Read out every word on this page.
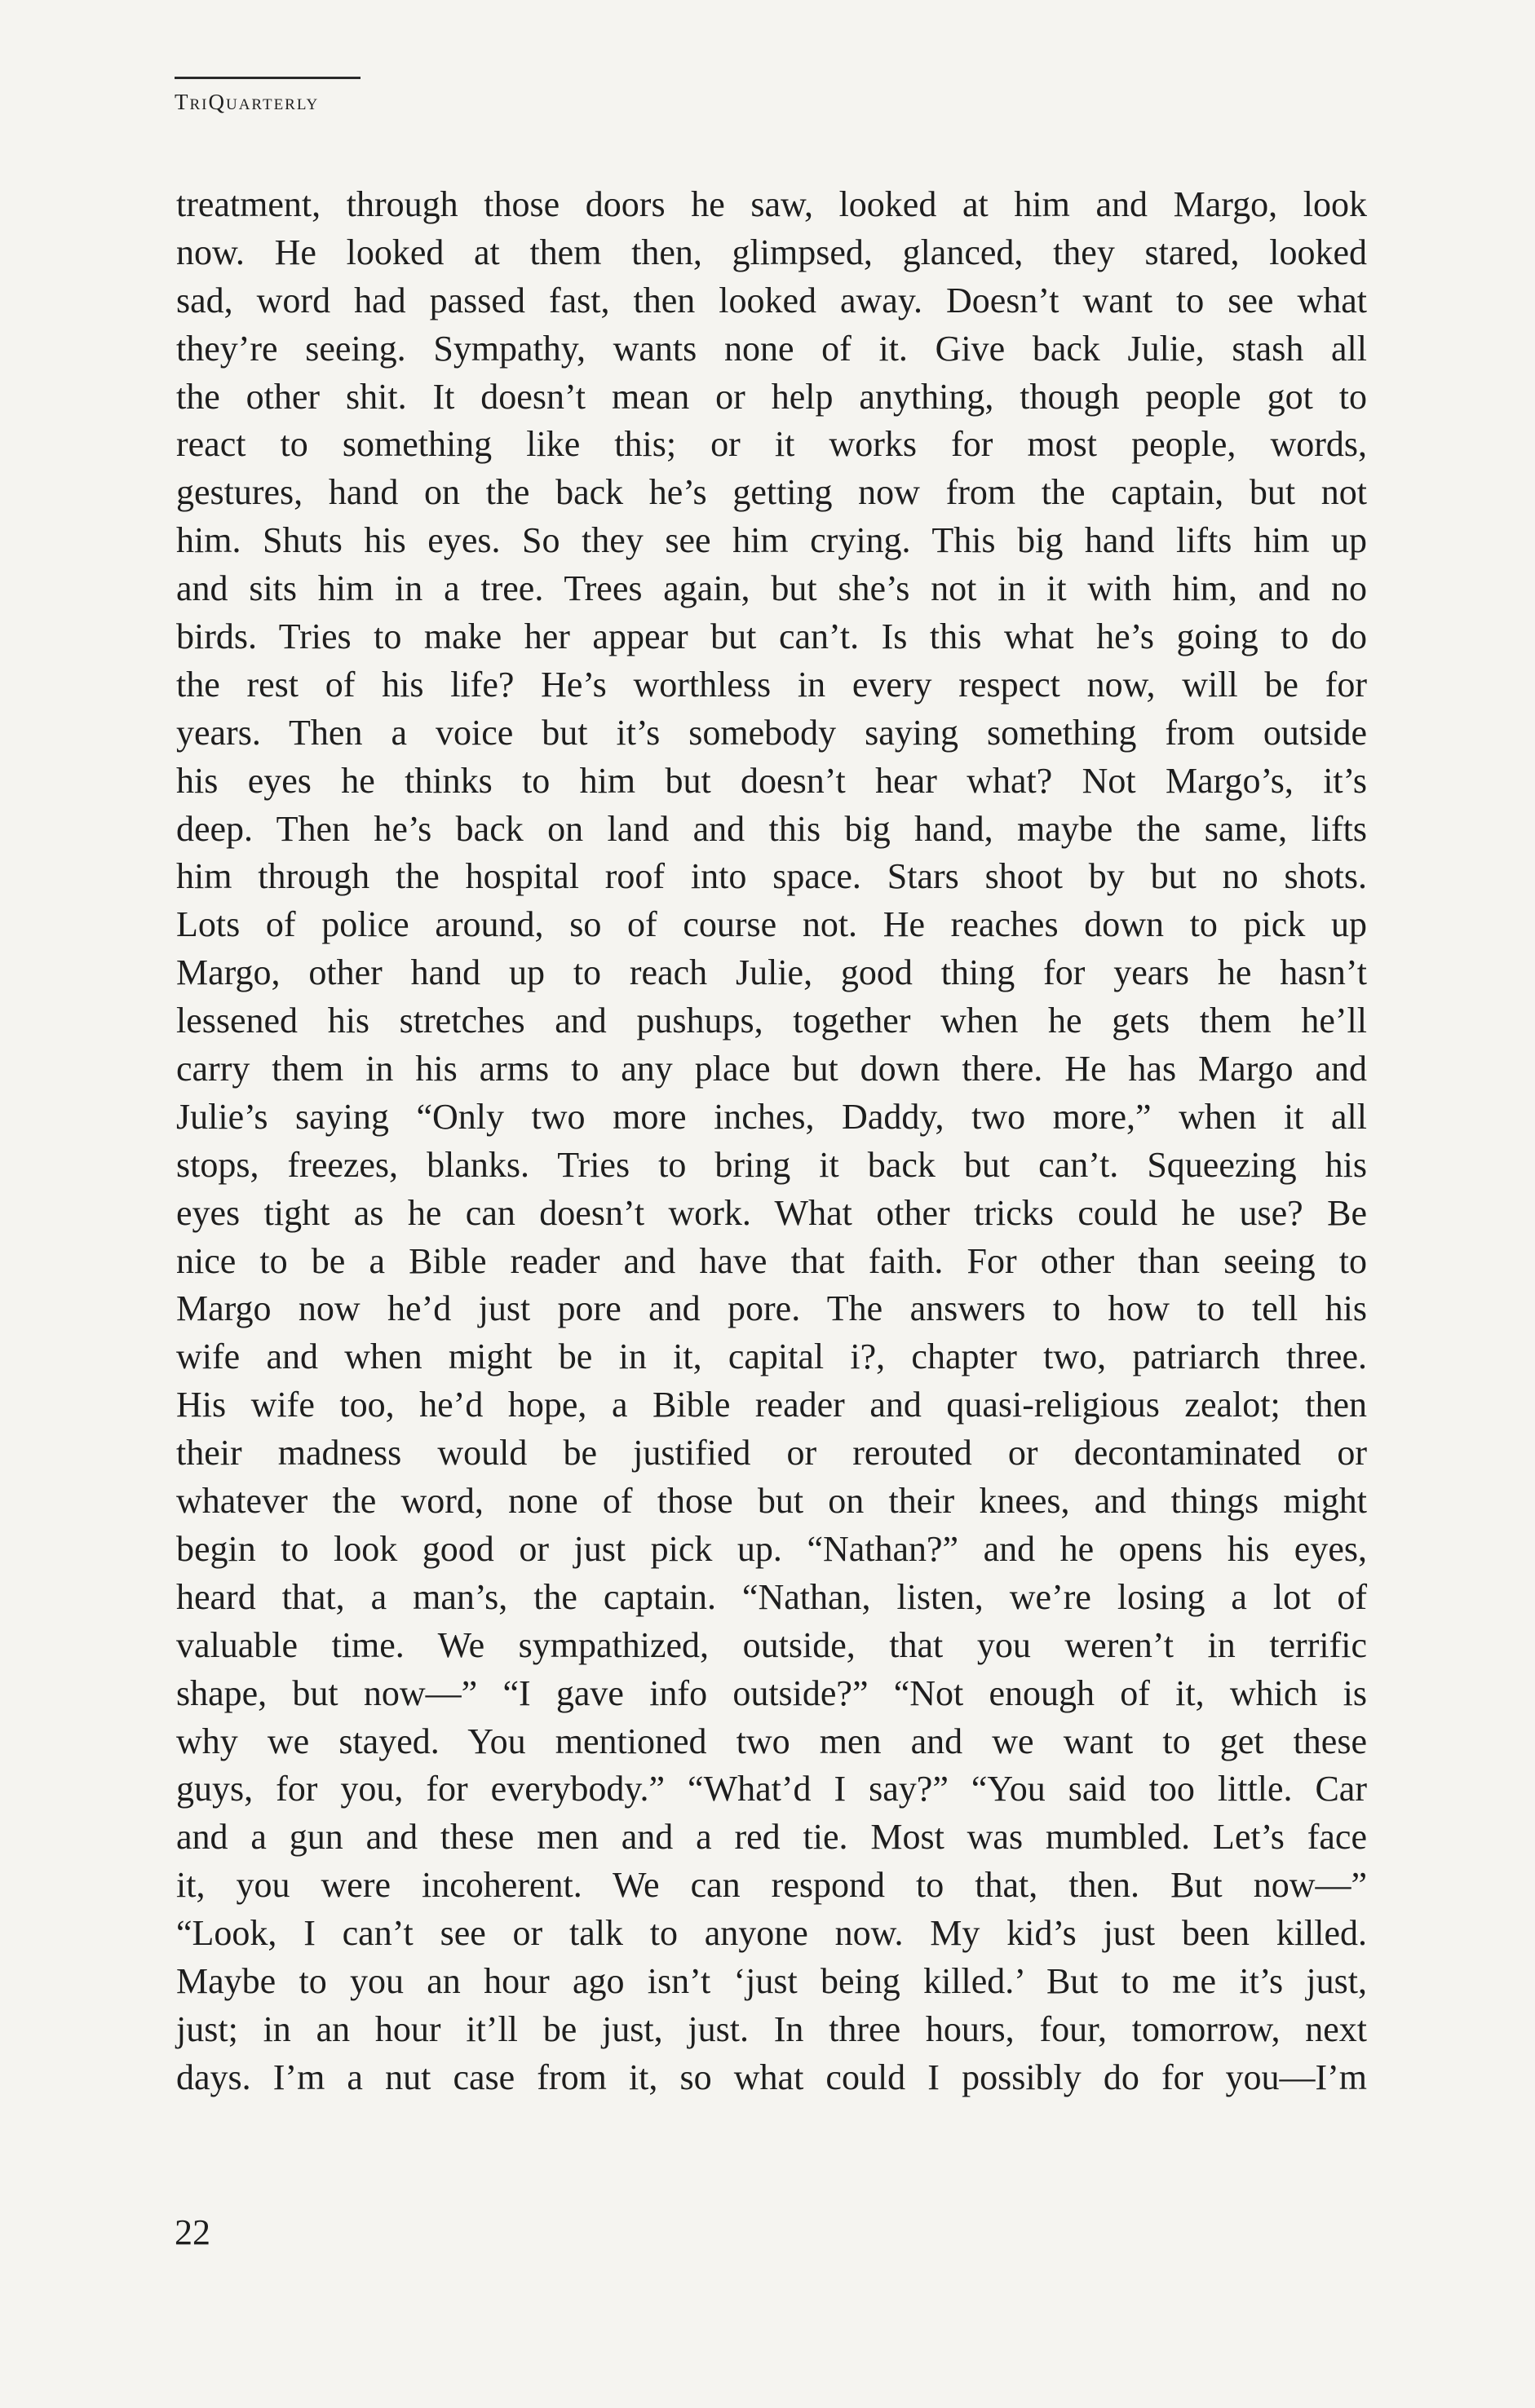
TriQuarterly
treatment, through those doors he saw, looked at him and Margo, look
now. He looked at them then, glimpsed, glanced, they stared, looked
sad, word had passed fast, then looked away. Doesn’t want to see what
they’re seeing. Sympathy, wants none of it. Give back Julie, stash all
the other shit. It doesn’t mean or help anything, though people got to
react to something like this; or it works for most people, words,
gestures, hand on the back he’s getting now from the captain, but not
him. Shuts his eyes. So they see him crying. This big hand lifts him up
and sits him in a tree. Trees again, but she’s not in it with him, and no
birds. Tries to make her appear but can’t. Is this what he’s going to do
the rest of his life? He’s worthless in every respect now, will be for
years. Then a voice but it’s somebody saying something from outside
his eyes he thinks to him but doesn’t hear what? Not Margo’s, it’s
deep. Then he’s back on land and this big hand, maybe the same, lifts
him through the hospital roof into space. Stars shoot by but no shots.
Lots of police around, so of course not. He reaches down to pick up
Margo, other hand up to reach Julie, good thing for years he hasn’t
lessened his stretches and pushups, together when he gets them he’ll
carry them in his arms to any place but down there. He has Margo and
Julie’s saying “Only two more inches, Daddy, two more,” when it all
stops, freezes, blanks. Tries to bring it back but can’t. Squeezing his
eyes tight as he can doesn’t work. What other tricks could he use? Be
nice to be a Bible reader and have that faith. For other than seeing to
Margo now he’d just pore and pore. The answers to how to tell his
wife and when might be in it, capital i?, chapter two, patriarch three.
His wife too, he’d hope, a Bible reader and quasi-religious zealot; then
their madness would be justified or rerouted or decontaminated or
whatever the word, none of those but on their knees, and things might
begin to look good or just pick up. “Nathan?” and he opens his eyes,
heard that, a man’s, the captain. “Nathan, listen, we’re losing a lot of
valuable time. We sympathized, outside, that you weren’t in terrific
shape, but now—” “I gave info outside?” “Not enough of it, which is
why we stayed. You mentioned two men and we want to get these
guys, for you, for everybody.” “What’d I say?” “You said too little. Car
and a gun and these men and a red tie. Most was mumbled. Let’s face
it, you were incoherent. We can respond to that, then. But now—”
“Look, I can’t see or talk to anyone now. My kid’s just been killed.
Maybe to you an hour ago isn’t ‘just being killed.’ But to me it’s just,
just; in an hour it’ll be just, just. In three hours, four, tomorrow, next
days. I’m a nut case from it, so what could I possibly do for you—I’m
22
